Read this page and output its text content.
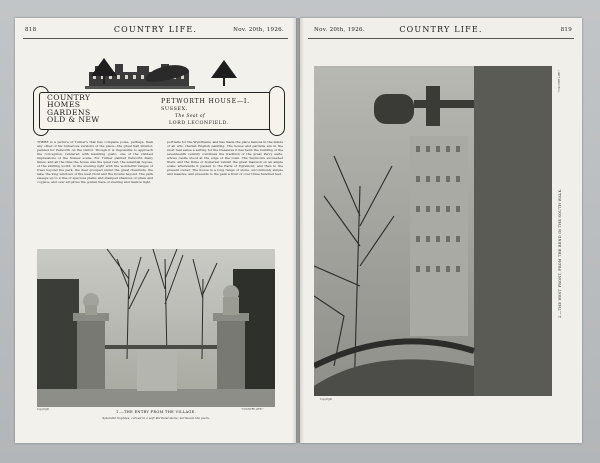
818	COUNTRY LIFE.	Nov. 20th, 1926.
COUNTRY
HOMES
GARDENS
OLD & NEW
PETWORTH HOUSE—I.
SUSSEX.
The Seat of
LORD LECONFIELD.

THERE is a picture of Turner's that has complete poise, perhaps, than any other of his numerous versions of the place—the great hall interior, painted for Petworth on the visitor. Though it is impossible to approach the conception, rendered with haunting gusto, one of the vividest impressions of the Sussex scene. For Turner painted Petworth many times, and all the time the house was the quiet rest, the essential repose, of the shifting world; in the evening light with the wonderful ranges of trees beyond the park, the deer grouped under the great chestnuts, the lake, the long windows of the west front and the Downs beyond. The park sweeps up to a rise of spacious plains and stamped shadows of grass and coppice, and over all glows the golden haze of evening and mellow light.

portraits for the Wyndhams, and has made the place famous in the minds of all who cherish English painting. The house and gardens are in the most real sense a setting for the treasures it has held; the building of the seventeenth century continues the tradition of the great Percy earls, whose castle stood at the edge of the town. The Seymours succeeded them, and the Duke of Somerset rebuilt the great mansion on an ample scale; afterwards it passed to the Earls of Egremont, and then to the present owner. The house is a long range of stone, uncommonly simple and massive, and presents to the park a front of over three hundred feet.

Copyright	"COUNTRY LIFE."
1.—THE ENTRY FROM THE VILLAGE.
Splendid trophies, carved in a soft Portland stone, surmount the piers.
Nov. 20th, 1926.	COUNTRY LIFE.	819
"COUNTRY LIFE."
2.—THE WEST FRONT, FROM THE BEND IN THE SOUTH WALK.
Copyright
